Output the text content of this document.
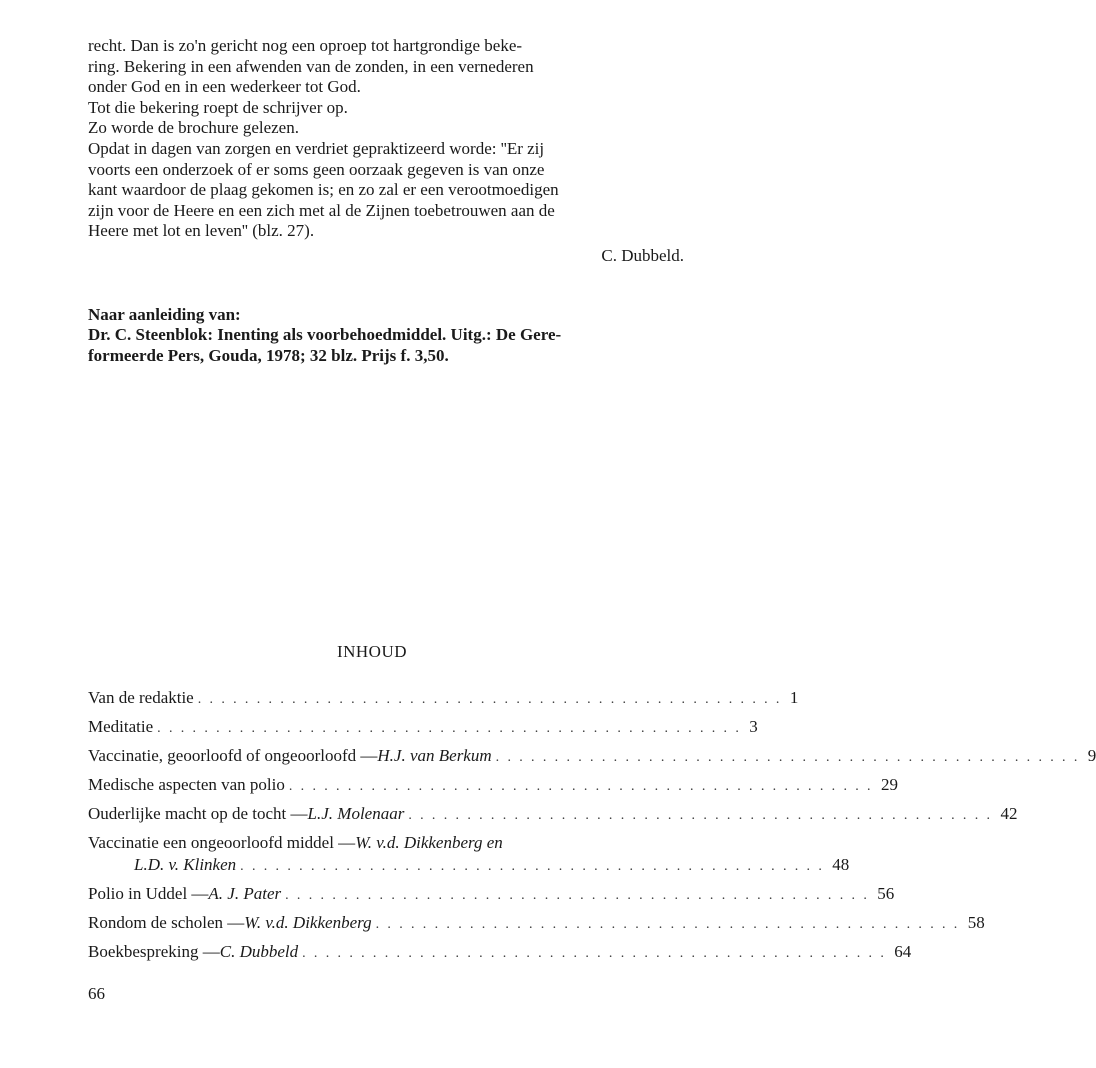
recht. Dan is zo'n gericht nog een oproep tot hartgrondige beke-

ring. Bekering in een afwenden van de zonden, in een vernederen

onder God en in een wederkeer tot God.

Tot die bekering roept de schrijver op.

Zo worde de brochure gelezen.

Opdat in dagen van zorgen en verdriet gepraktizeerd worde: ''Er zij

voorts een onderzoek of er soms geen oorzaak gegeven is van onze

kant waardoor de plaag gekomen is; en zo zal er een verootmoedigen

zijn voor de Heere en een zich met al de Zijnen toebetrouwen aan de

Heere met lot en leven'' (blz. 27).

C. Dubbeld.

Naar aanleiding van:

Dr. C. Steenblok: Inenting als voorbehoedmiddel. Uitg.: De Gere-

formeerde Pers, Gouda, 1978; 32 blz. Prijs f. 3,50.

INHOUD
Van de redaktie . . . . . . . . . . . . . . . . . . . . . . . . . . . . . . . . . . . . . . . . . . . . . . . . . . 1
Meditatie . . . . . . . . . . . . . . . . . . . . . . . . . . . . . . . . . . . . . . . . . . . . . . . . . . 3
Vaccinatie, geoorloofd of ongeoorloofd — H.J. van Berkum . . . . . . . . . . . . . . . . . . . . . . . . . . . . . . . . . . . . . . . . . . . . . . . . . . 9
Medische aspecten van polio . . . . . . . . . . . . . . . . . . . . . . . . . . . . . . . . . . . . . . . . . . . . . . . . . . 29
Ouderlijke macht op de tocht — L.J. Molenaar . . . . . . . . . . . . . . . . . . . . . . . . . . . . . . . . . . . . . . . . . . . . . . . . . . 42
Vaccinatie een ongeoorloofd middel — W. v.d. Dikkenberg en
L.D. v. Klinken . . . . . . . . . . . . . . . . . . . . . . . . . . . . . . . . . . . . . . . . . . . . . . . . . . 48
Polio in Uddel — A. J. Pater . . . . . . . . . . . . . . . . . . . . . . . . . . . . . . . . . . . . . . . . . . . . . . . . . . 56
Rondom de scholen — W. v.d. Dikkenberg . . . . . . . . . . . . . . . . . . . . . . . . . . . . . . . . . . . . . . . . . . . . . . . . . . 58
Boekbespreking — C. Dubbeld . . . . . . . . . . . . . . . . . . . . . . . . . . . . . . . . . . . . . . . . . . . . . . . . . . 64
66
